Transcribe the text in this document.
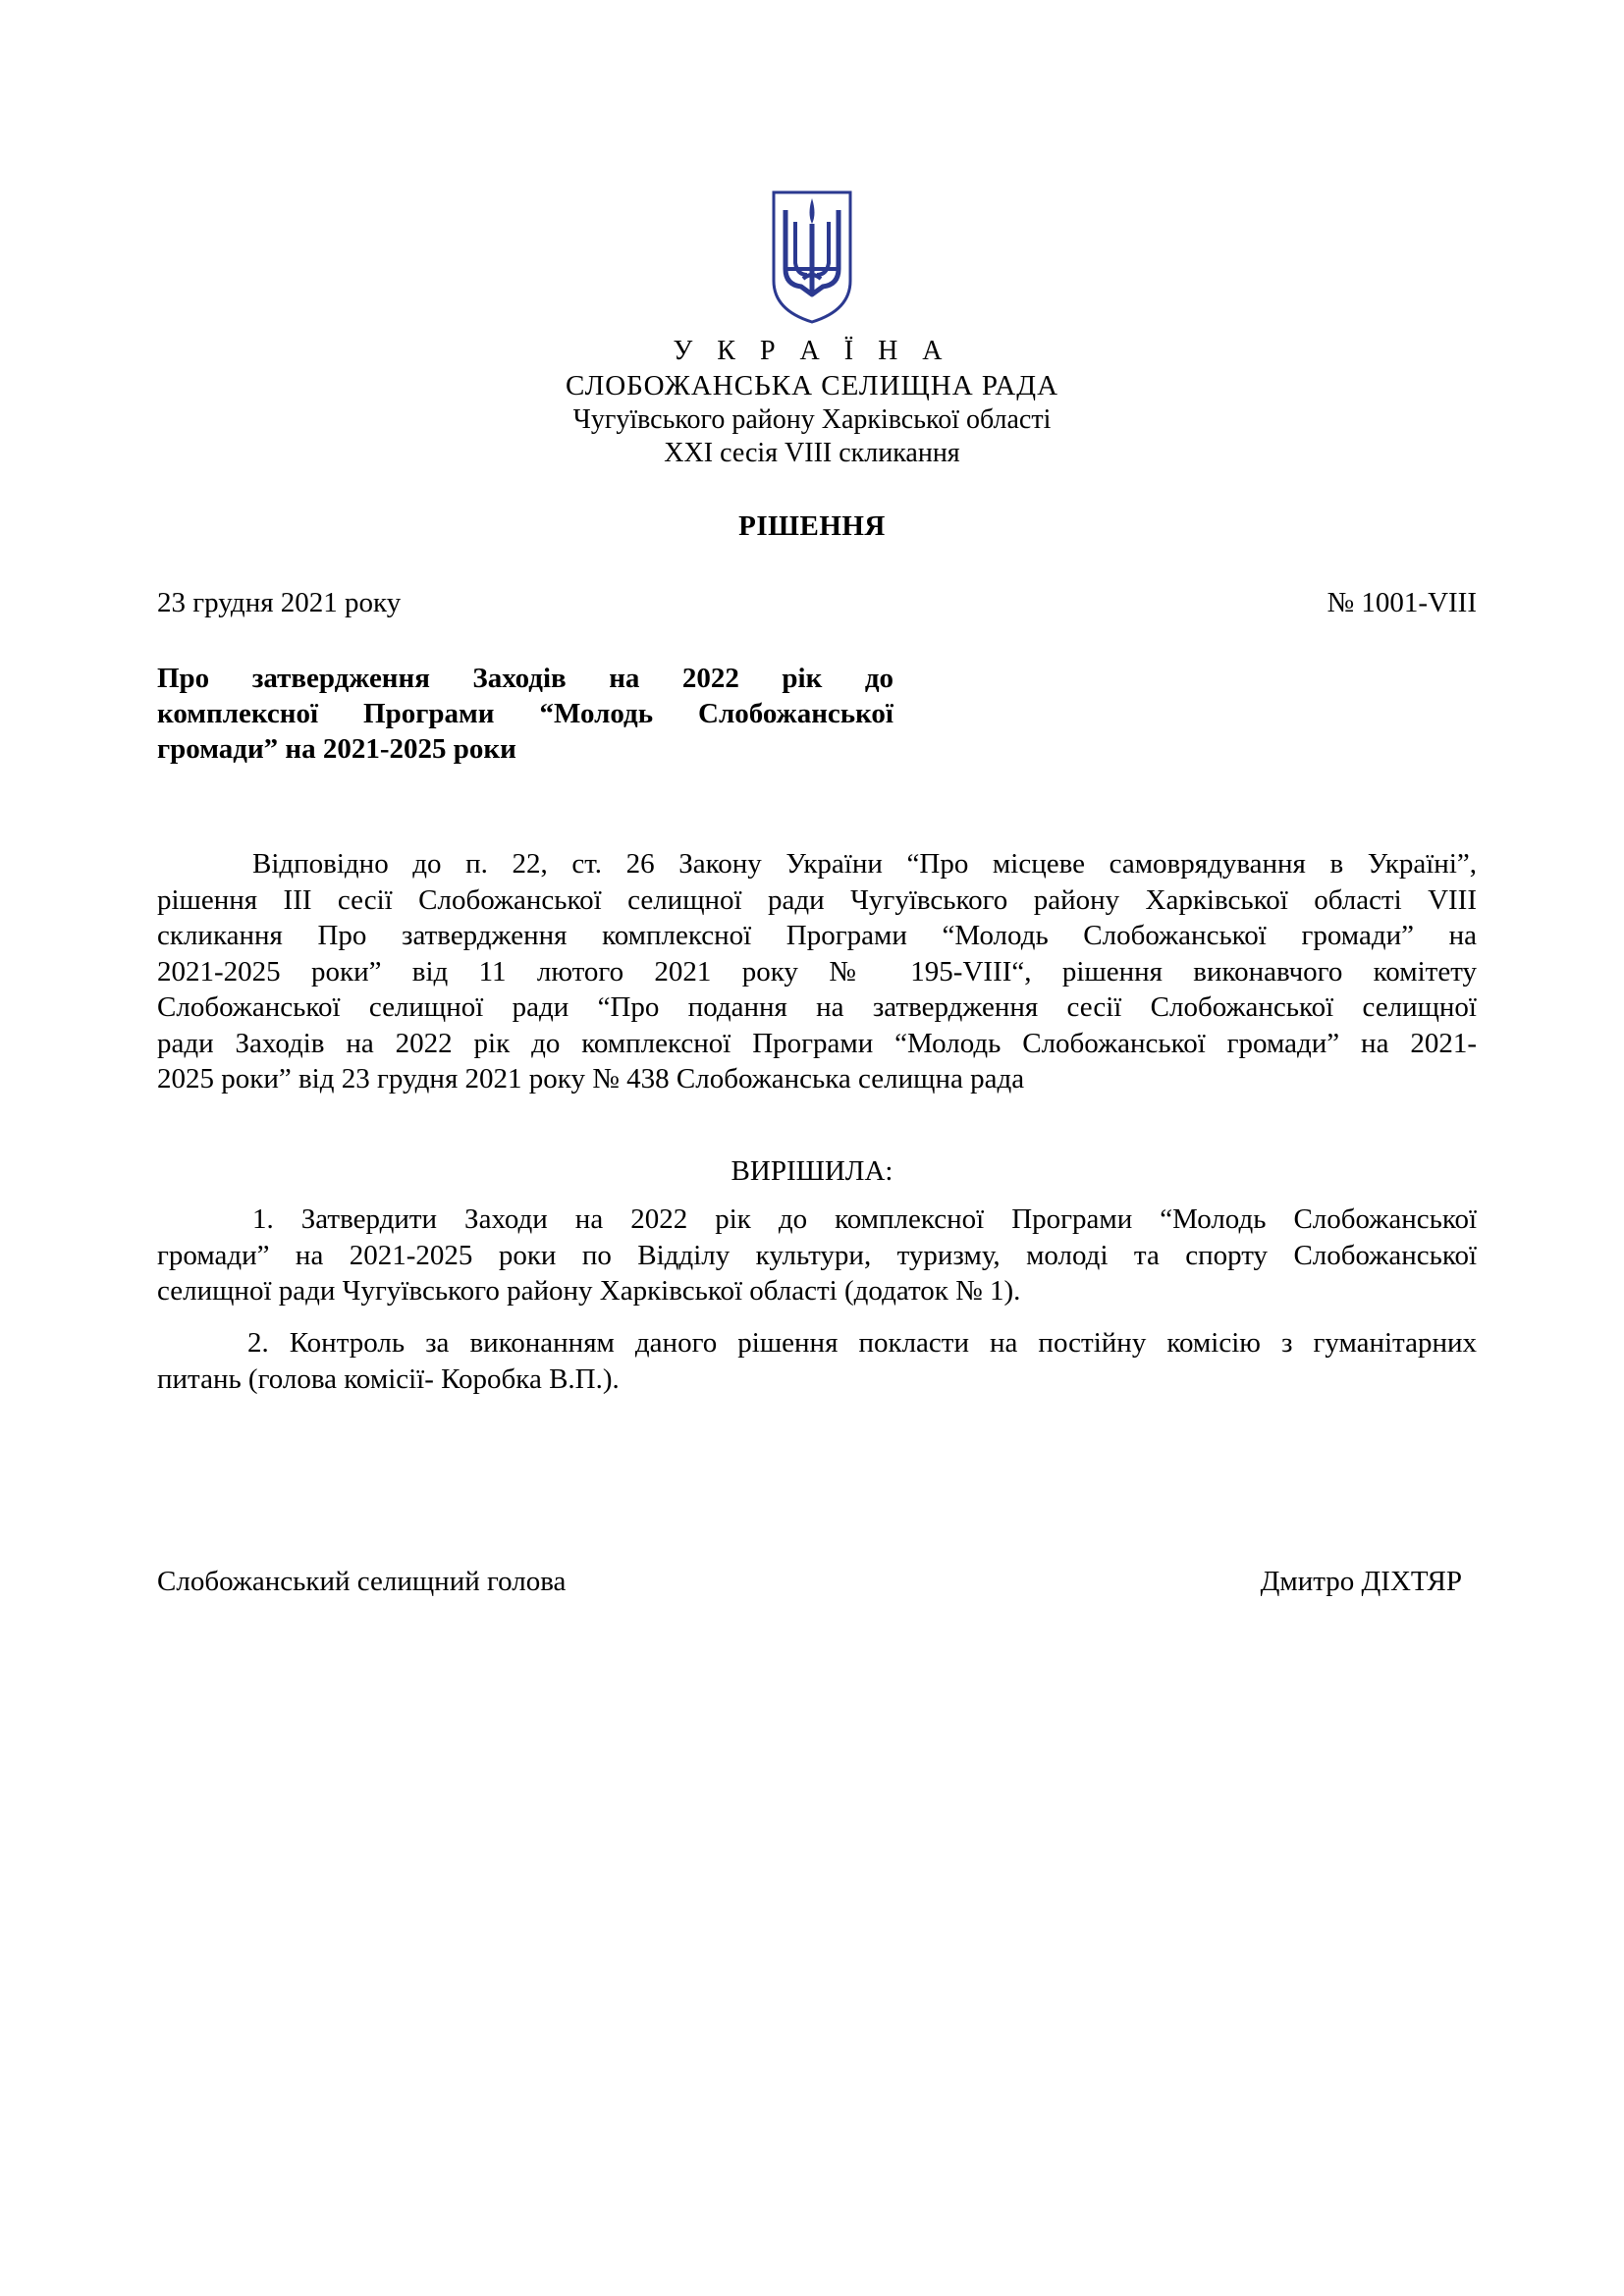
У К Р А Ї Н А
СЛОБОЖАНСЬКА СЕЛИЩНА РАДА
Чугуївського району Харківської області
XXI сесія VIII скликання
РІШЕННЯ
23 грудня 2021 року	№ 1001-VIII
Про затвердження Заходів на 2022 рік до
комплексної Програми “Молодь Слобожанської
громади” на 2021-2025 роки
Відповідно до п. 22, ст. 26 Закону України “Про місцеве самоврядування в Україні”,
рішення III сесії Слобожанської селищної ради Чугуївського району Харківської області VIII
скликання Про затвердження комплексної Програми “Молодь Слобожанської громади” на
2021-2025 роки” від 11 лютого 2021 року № 195-VIII“, рішення виконавчого комітету
Слобожанської селищної ради “Про подання на затвердження сесії Слобожанської селищної
ради Заходів на 2022 рік до комплексної Програми “Молодь Слобожанської громади” на 2021-
2025 роки” від 23 грудня 2021 року № 438 Слобожанська селищна рада
ВИРІШИЛА:
1. Затвердити Заходи на 2022 рік до комплексної Програми “Молодь Слобожанської
громади” на 2021-2025 роки по Відділу культури, туризму, молоді та спорту Слобожанської
селищної ради Чугуївського району Харківської області (додаток № 1).
2. Контроль за виконанням даного рішення покласти на постійну комісію з гуманітарних
питань (голова комісії- Коробка В.П.).
Слобожанський селищний голова	Дмитро ДІХТЯР
